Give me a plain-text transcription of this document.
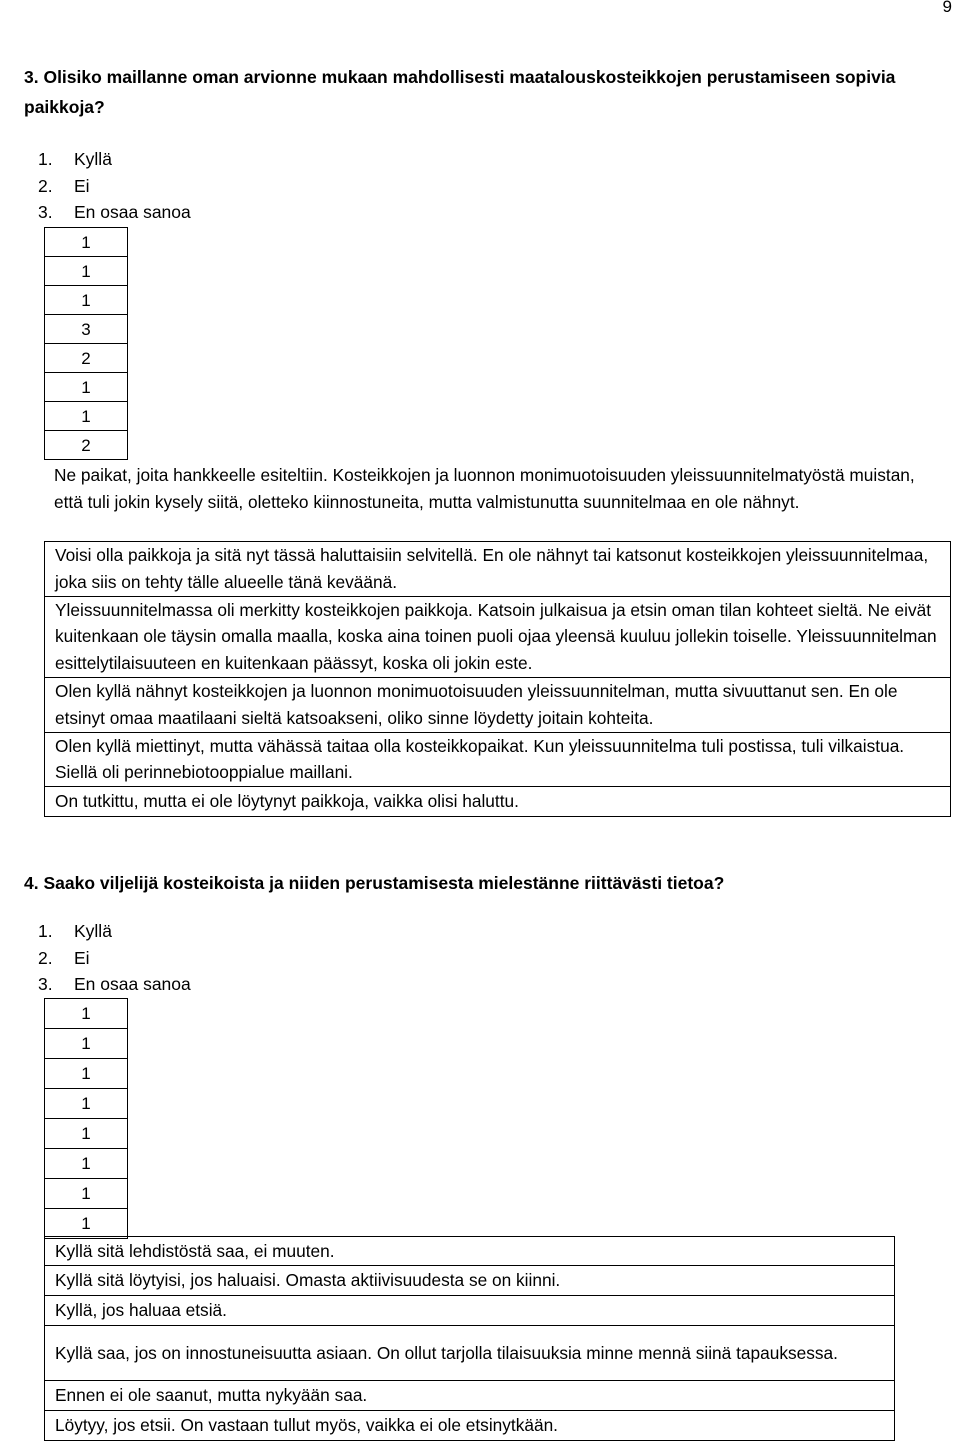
9
3. Olisiko maillanne oman arvionne mukaan mahdollisesti maatalouskosteikkojen perustamiseen sopivia paikkoja?
1. Kyllä
2. Ei
3. En osaa sanoa
1
1
1
3
2
1
1
2
Ne paikat, joita hankkeelle esiteltiin. Kosteikkojen ja luonnon monimuotoisuuden yleissuunnitelmatyöstä muistan, että tuli jokin kysely siitä, oletteko kiinnostuneita, mutta valmistunutta suunnitelmaa en ole nähnyt.
Voisi olla paikkoja ja sitä nyt tässä haluttaisiin selvitellä. En ole nähnyt tai katsonut kosteikkojen yleissuunnitelmaa, joka siis on tehty tälle alueelle tänä keväänä.
Yleissuunnitelmassa oli merkitty kosteikkojen paikkoja. Katsoin julkaisua ja etsin oman tilan kohteet sieltä. Ne eivät kuitenkaan ole täysin omalla maalla, koska aina toinen puoli ojaa yleensä kuuluu jollekin toiselle. Yleissuunnitelman esittelytilaisuuteen en kuitenkaan päässyt, koska oli jokin este.
Olen kyllä nähnyt kosteikkojen ja luonnon monimuotoisuuden yleissuunnitelman, mutta sivuuttanut sen. En ole etsinyt omaa maatilaani sieltä katsoakseni, oliko sinne löydetty joitain kohteita.
Olen kyllä miettinyt, mutta vähässä taitaa olla kosteikkopaikat. Kun yleissuunnitelma tuli postissa, tuli vilkaistua. Siellä oli perinnebiotooppialue maillani.
On tutkittu, mutta ei ole löytynyt paikkoja, vaikka olisi haluttu.
4. Saako viljelijä kosteikoista ja niiden perustamisesta mielestänne riittävästi tietoa?
1. Kyllä
2. Ei
3. En osaa sanoa
1
1
1
1
1
1
1
1
Kyllä sitä lehdistöstä saa, ei muuten.
Kyllä sitä löytyisi, jos haluaisi. Omasta aktiivisuudesta se on kiinni.
Kyllä, jos haluaa etsiä.
Kyllä saa, jos on innostuneisuutta asiaan. On ollut tarjolla tilaisuuksia minne mennä siinä tapauksessa.
Ennen ei ole saanut, mutta nykyään saa.
Löytyy, jos etsii. On vastaan tullut myös, vaikka ei ole etsinytkään.
